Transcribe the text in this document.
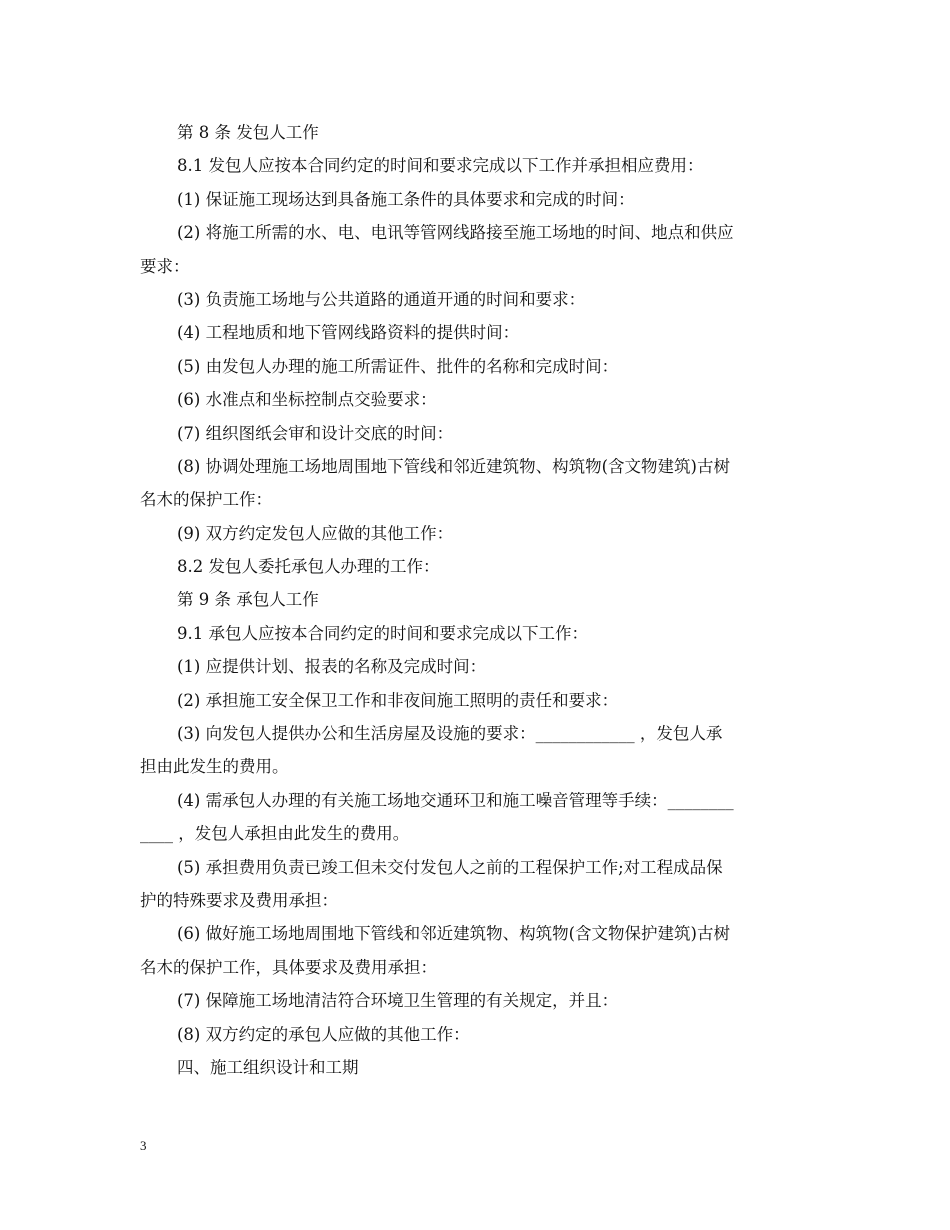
第 8 条 发包人工作
8.1 发包人应按本合同约定的时间和要求完成以下工作并承担相应费用：
(1) 保证施工现场达到具备施工条件的具体要求和完成的时间：
(2) 将施工所需的水、电、电讯等管网线路接至施工场地的时间、地点和供应
要求：
(3) 负责施工场地与公共道路的通道开通的时间和要求：
(4) 工程地质和地下管网线路资料的提供时间：
(5) 由发包人办理的施工所需证件、批件的名称和完成时间：
(6) 水准点和坐标控制点交验要求：
(7) 组织图纸会审和设计交底的时间：
(8) 协调处理施工场地周围地下管线和邻近建筑物、构筑物(含文物建筑)古树
名木的保护工作：
(9) 双方约定发包人应做的其他工作：
8.2 发包人委托承包人办理的工作：
第 9 条 承包人工作
9.1 承包人应按本合同约定的时间和要求完成以下工作：
(1) 应提供计划、报表的名称及完成时间：
(2) 承担施工安全保卫工作和非夜间施工照明的责任和要求：
(3) 向发包人提供办公和生活房屋及设施的要求：____________ ，发包人承
担由此发生的费用。
(4) 需承包人办理的有关施工场地交通环卫和施工噪音管理等手续：________
____ ，发包人承担由此发生的费用。
(5) 承担费用负责已竣工但未交付发包人之前的工程保护工作;对工程成品保
护的特殊要求及费用承担：
(6) 做好施工场地周围地下管线和邻近建筑物、构筑物(含文物保护建筑)古树
名木的保护工作，具体要求及费用承担：
(7) 保障施工场地清洁符合环境卫生管理的有关规定，并且：
(8) 双方约定的承包人应做的其他工作：
四、施工组织设计和工期
3
